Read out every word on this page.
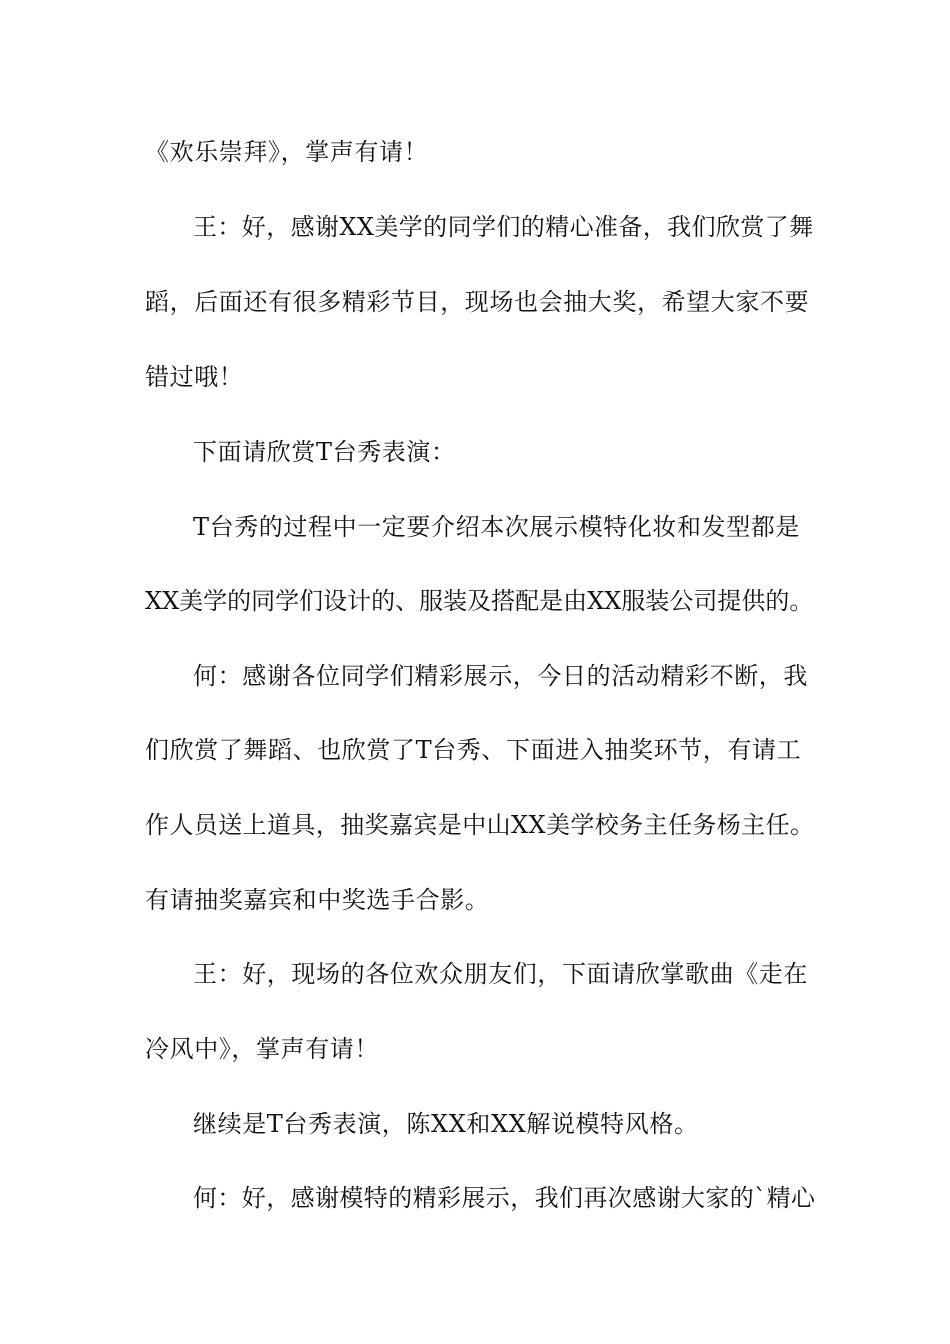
《欢乐崇拜》，掌声有请！
王：好，感谢XX美学的同学们的精心准备，我们欣赏了舞
蹈，后面还有很多精彩节目，现场也会抽大奖，希望大家不要
错过哦！
下面请欣赏T台秀表演：
T台秀的过程中一定要介绍本次展示模特化妆和发型都是
XX美学的同学们设计的、服装及搭配是由XX服装公司提供的。
何：感谢各位同学们精彩展示，今日的活动精彩不断，我
们欣赏了舞蹈、也欣赏了T台秀、下面进入抽奖环节，有请工
作人员送上道具，抽奖嘉宾是中山XX美学校务主任务杨主任。
有请抽奖嘉宾和中奖选手合影。
王：好，现场的各位欢众朋友们，下面请欣掌歌曲《走在
冷风中》，掌声有请！
继续是T台秀表演，陈XX和XX解说模特风格。
何：好，感谢模特的精彩展示，我们再次感谢大家的`精心
